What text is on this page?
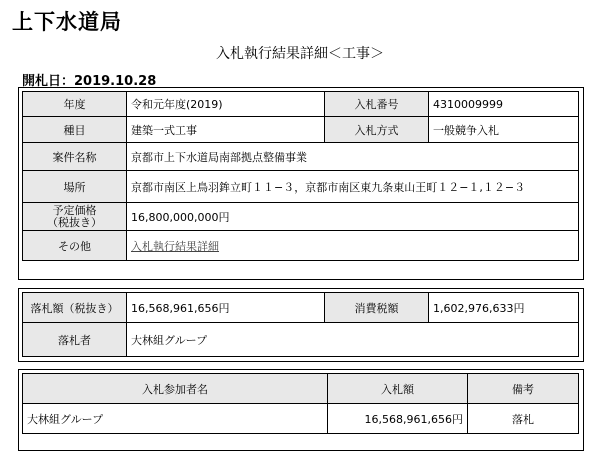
上下水道局
入札執行結果詳細＜工事＞
開札日：2019.10.28
年度	令和元年度(2019)	入札番号	4310009999
種目	建築一式工事	入札方式	一般競争入札
案件名称	京都市上下水道局南部拠点整備事業		
場所	京都市南区上鳥羽鉾立町１１−３，京都市南区東九条東山王町１２−１,１２−３		

予定価格
（税抜き）	16,800,000,000円		
その他	入札執行結果詳細		
落札額（税抜き）	16,568,961,656円	消費税額	1,602,976,633円
落札者	大林組グループ		
入札参加者名	入札額	備考
大林組グループ	16,568,961,656円	落札
